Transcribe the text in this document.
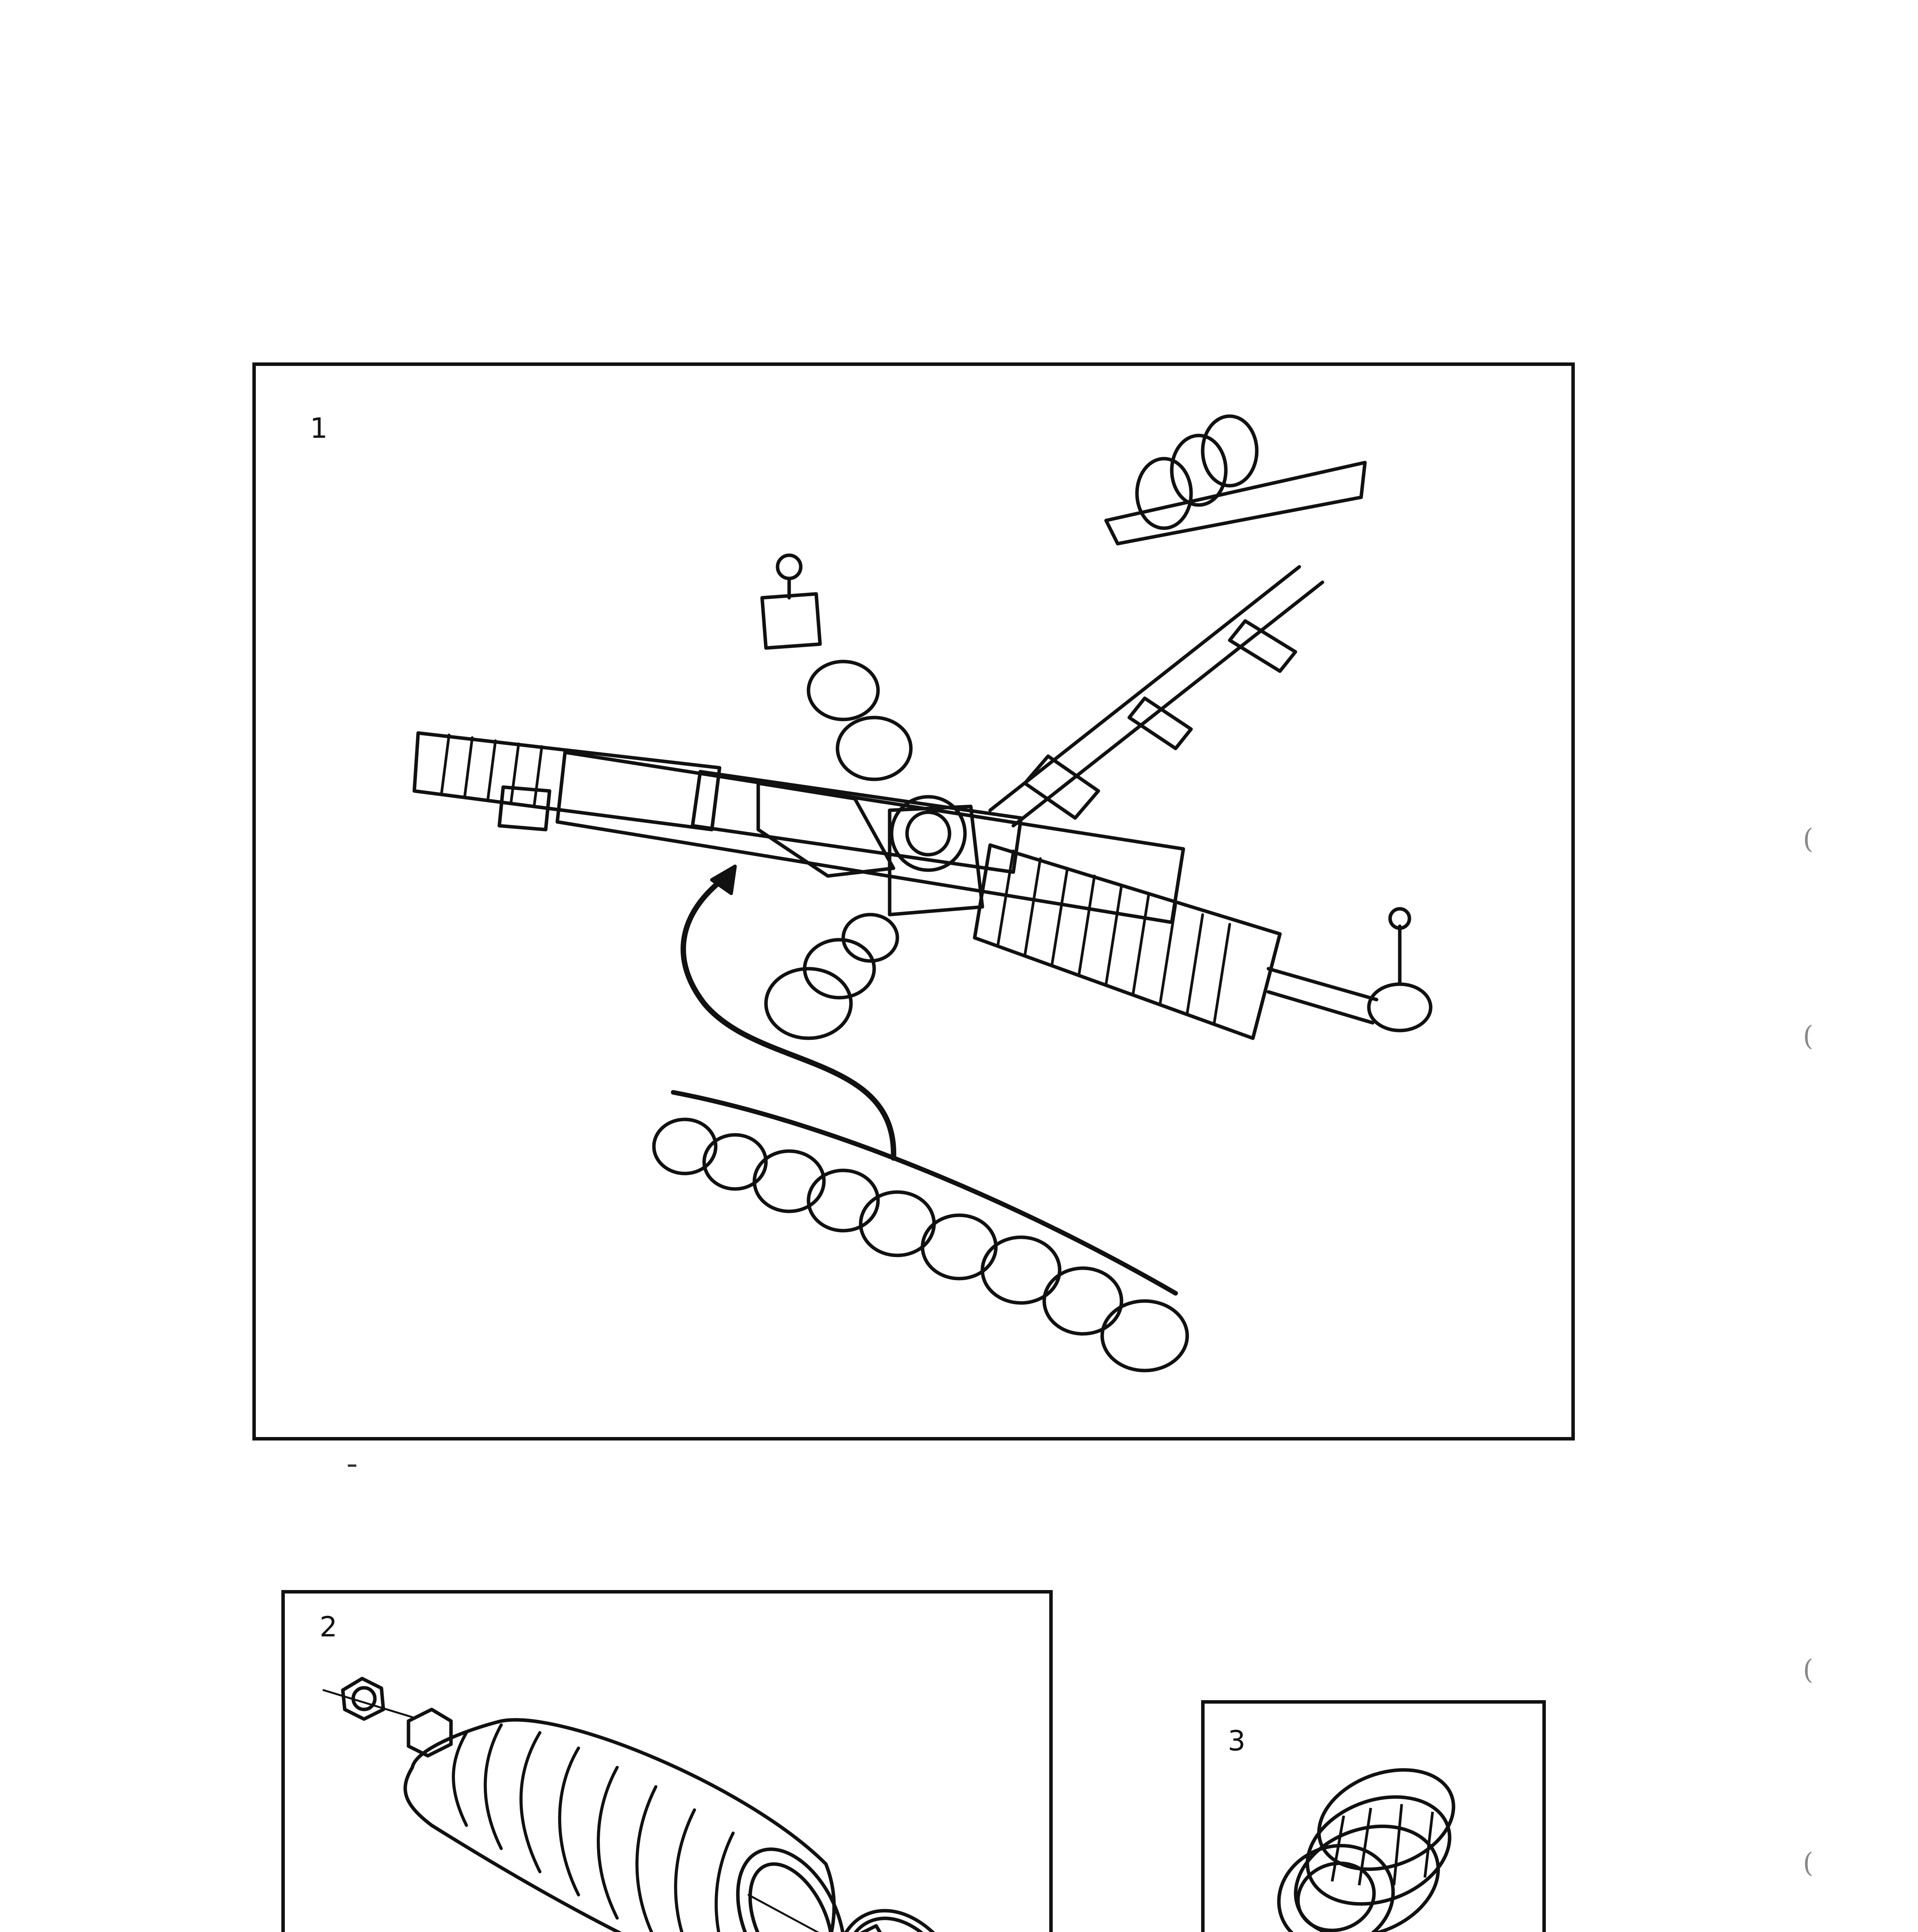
1
2
3
(
(
(
(
